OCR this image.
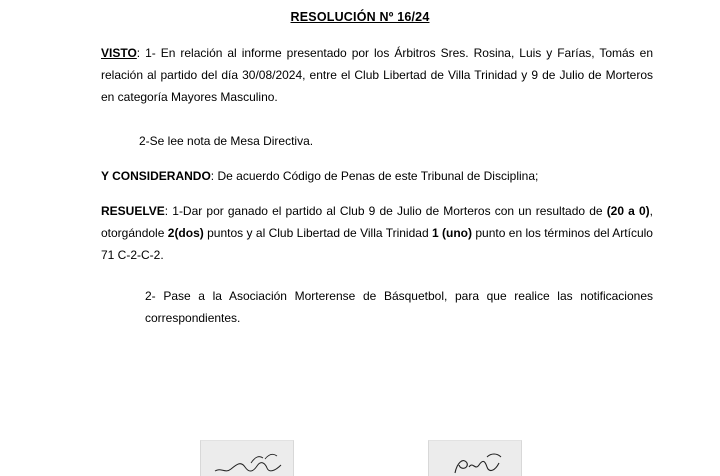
RESOLUCIÓN Nº 16/24
VISTO: 1- En relación al informe presentado por los Árbitros Sres. Rosina, Luis y Farías, Tomás en relación al partido del día 30/08/2024, entre el Club Libertad de Villa Trinidad y 9 de Julio de Morteros en categoría Mayores Masculino.
2-Se lee nota de Mesa Directiva.
Y CONSIDERANDO: De acuerdo Código de Penas de este Tribunal de Disciplina;
RESUELVE: 1-Dar por ganado el partido al Club 9 de Julio de Morteros con un resultado de (20 a 0), otorgándole 2(dos) puntos y al Club Libertad de Villa Trinidad 1 (uno) punto en los términos del Artículo 71 C-2-C-2.
2- Pase a la Asociación Morterense de Básquetbol, para que realice las notificaciones correspondientes.
